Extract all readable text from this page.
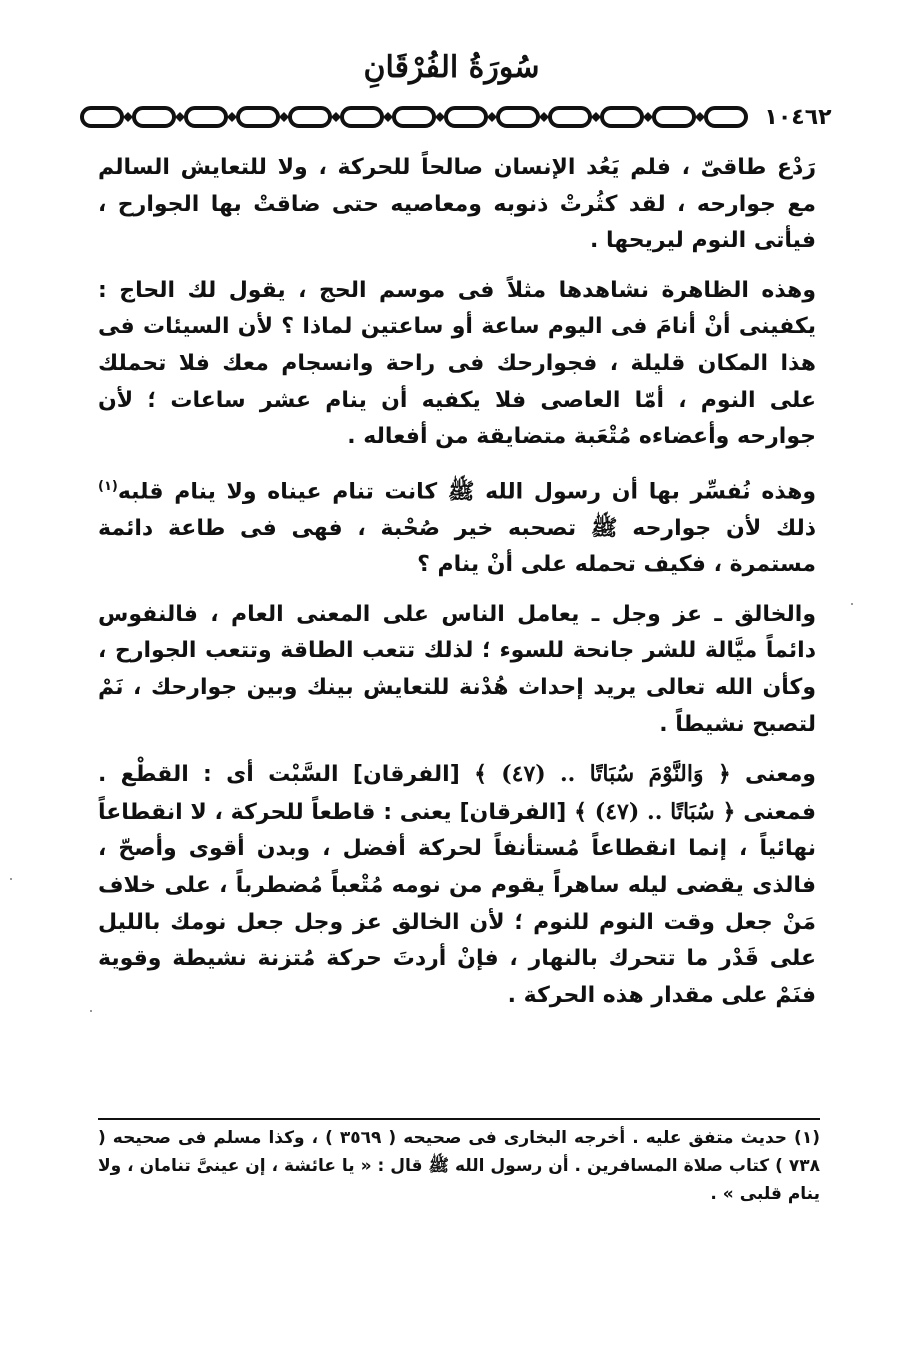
سُورَةُ الفُرْقَانِ
١٠٤٦٢

رَدْع طاقىّ ، فلم يَعُد الإنسان صالحاً للحركة ، ولا للتعايش السالم مع جوارحه ، لقد كثُرتْ ذنوبه ومعاصيه حتى ضاقتْ بها الجوارح ، فيأتى النوم ليريحها .

وهذه الظاهرة نشاهدها مثلاً فى موسم الحج ، يقول لك الحاج : يكفينى أنْ أنامَ فى اليوم ساعة أو ساعتين لماذا ؟ لأن السيئات فى هذا المكان قليلة ، فجوارحك فى راحة وانسجام معك فلا تحملك على النوم ، أمّا العاصى فلا يكفيه أن ينام عشر ساعات ؛ لأن جوارحه وأعضاءه مُتْعَبة متضايقة من أفعاله .

وهذه نُفسِّر بها أن رسول الله ﷺ كانت تنام عيناه ولا ينام قلبه$^{(١)}$ ذلك لأن جوارحه ﷺ تصحبه خير صُحْبة ، فهى فى طاعة دائمة مستمرة ، فكيف تحمله على أنْ ينام ؟

والخالق ـ عز وجل ـ يعامل الناس على المعنى العام ، فالنفوس دائماً ميَّالة للشر جانحة للسوء ؛ لذلك تتعب الطاقة وتتعب الجوارح ، وكأن الله تعالى يريد إحداث هُدْنة للتعايش بينك وبين جوارحك ، نَمْ لتصبح نشيطاً .

ومعنى ﴿ وَالنَّوْمَ سُبَاتًا .. (٤٧) ﴾ [الفرقان] السَّبْت أى : القطْع . فمعنى ﴿ سُبَاتًا .. (٤٧) ﴾ [الفرقان] يعنى : قاطعاً للحركة ، لا انقطاعاً نهائياً ، إنما انقطاعاً مُستأنفاً لحركة أفضل ، وبدن أقوى وأصحّ ، فالذى يقضى ليله ساهراً يقوم من نومه مُتْعباً مُضطرباً ، على خلاف مَنْ جعل وقت النوم للنوم ؛ لأن الخالق عز وجل جعل نومك بالليل على قَدْر ما تتحرك بالنهار ، فإنْ أردتَ حركة مُتزنة نشيطة وقوية فنَمْ على مقدار هذه الحركة .

(١) حديث متفق عليه . أخرجه البخارى فى صحيحه ( ٣٥٦٩ ) ، وكذا مسلم فى صحيحه ( ٧٣٨ ) كتاب صلاة المسافرين . أن رسول الله ﷺ قال : « يا عائشة ، إن عينىَّ تنامان ، ولا ينام قلبى » .
